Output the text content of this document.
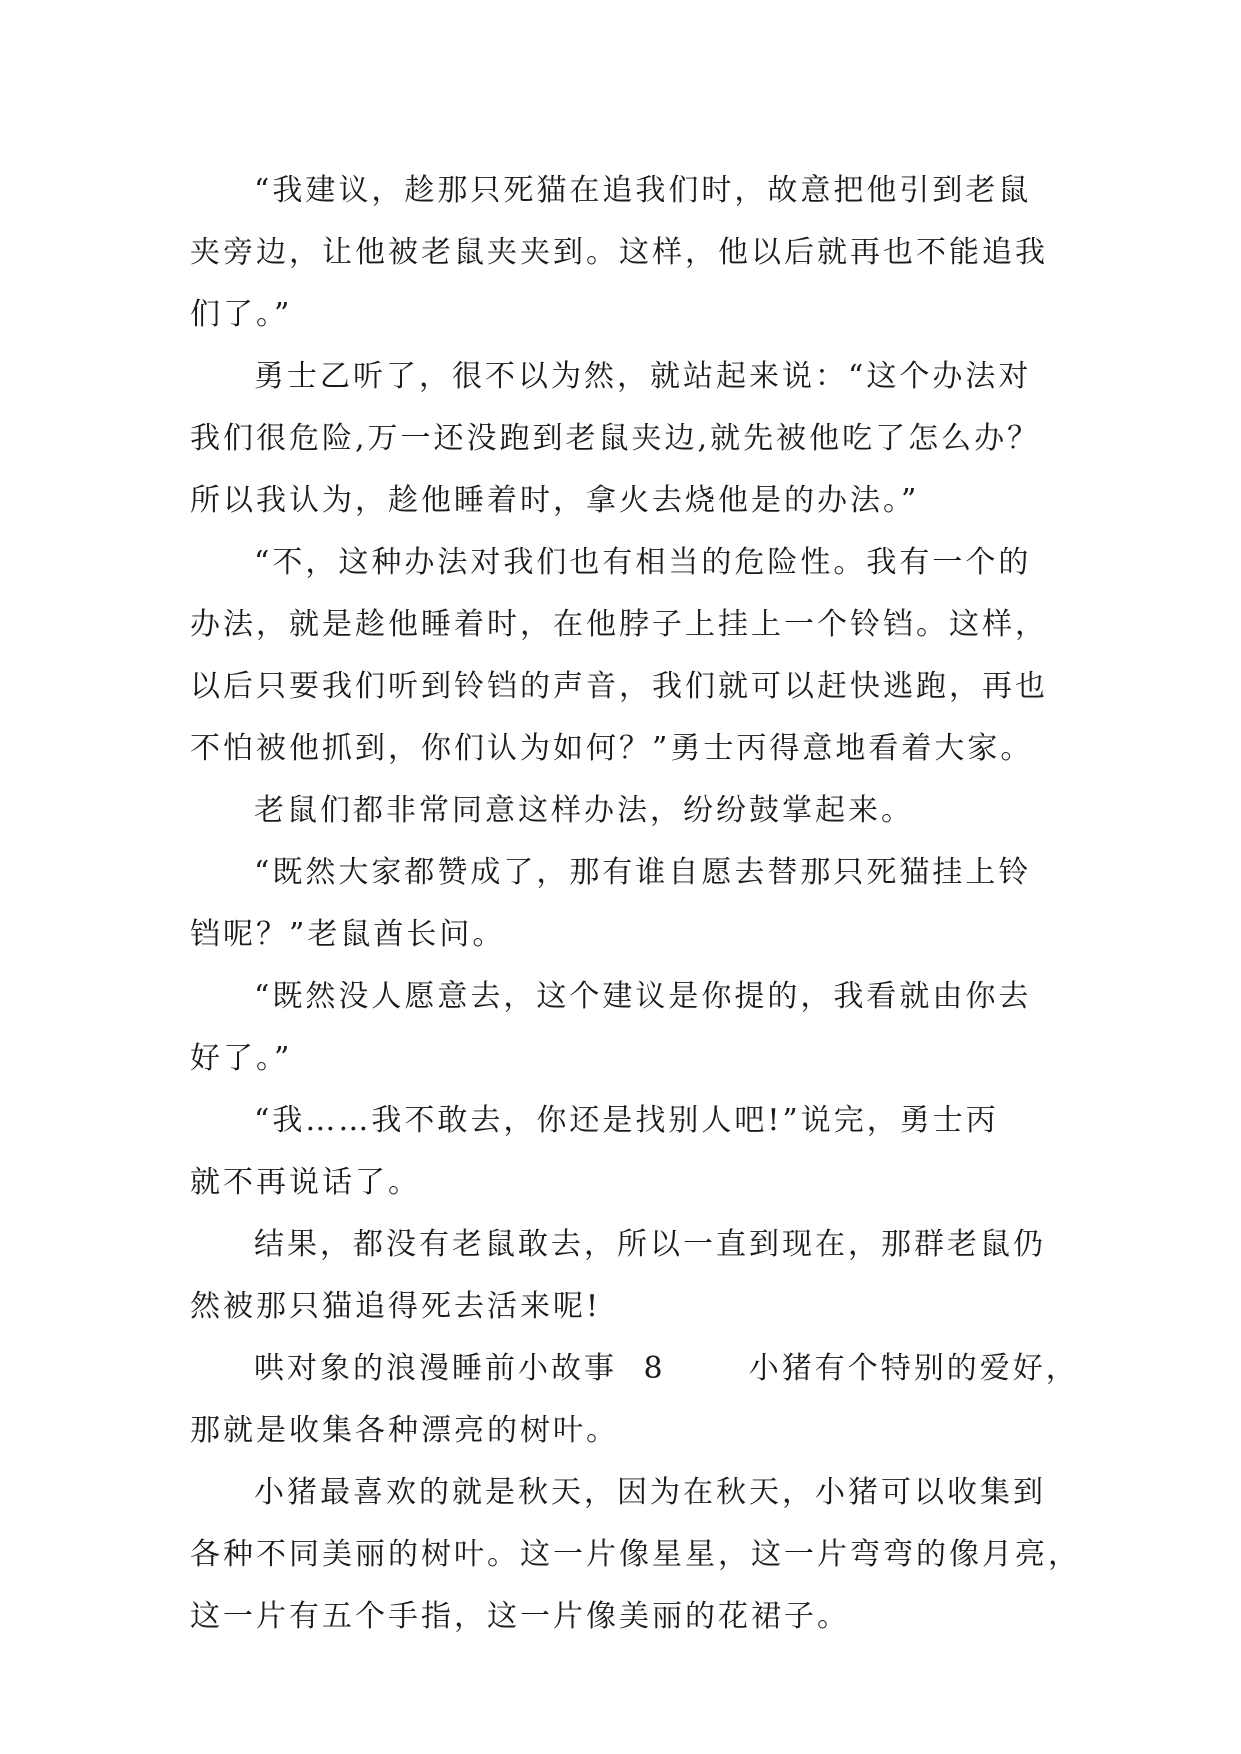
“我建议，趁那只死猫在追我们时，故意把他引到老鼠
夹旁边，让他被老鼠夹夹到。这样，他以后就再也不能追我
们了。”
勇士乙听了，很不以为然，就站起来说：“这个办法对
我们很危险,万一还没跑到老鼠夹边,就先被他吃了怎么办？
所以我认为，趁他睡着时，拿火去烧他是的办法。”
“不，这种办法对我们也有相当的危险性。我有一个的
办法，就是趁他睡着时，在他脖子上挂上一个铃铛。这样，
以后只要我们听到铃铛的声音，我们就可以赶快逃跑，再也
不怕被他抓到，你们认为如何？”勇士丙得意地看着大家。
老鼠们都非常同意这样办法，纷纷鼓掌起来。
“既然大家都赞成了，那有谁自愿去替那只死猫挂上铃
铛呢？”老鼠酋长问。
“既然没人愿意去，这个建议是你提的，我看就由你去
好了。”
“我……我不敢去，你还是找别人吧!”说完，勇士丙
就不再说话了。
结果，都没有老鼠敢去，所以一直到现在，那群老鼠仍
然被那只猫追得死去活来呢!
哄对象的浪漫睡前小故事 8	小猪有个特别的爱好，
那就是收集各种漂亮的树叶。
小猪最喜欢的就是秋天，因为在秋天，小猪可以收集到
各种不同美丽的树叶。这一片像星星，这一片弯弯的像月亮，
这一片有五个手指，这一片像美丽的花裙子。
